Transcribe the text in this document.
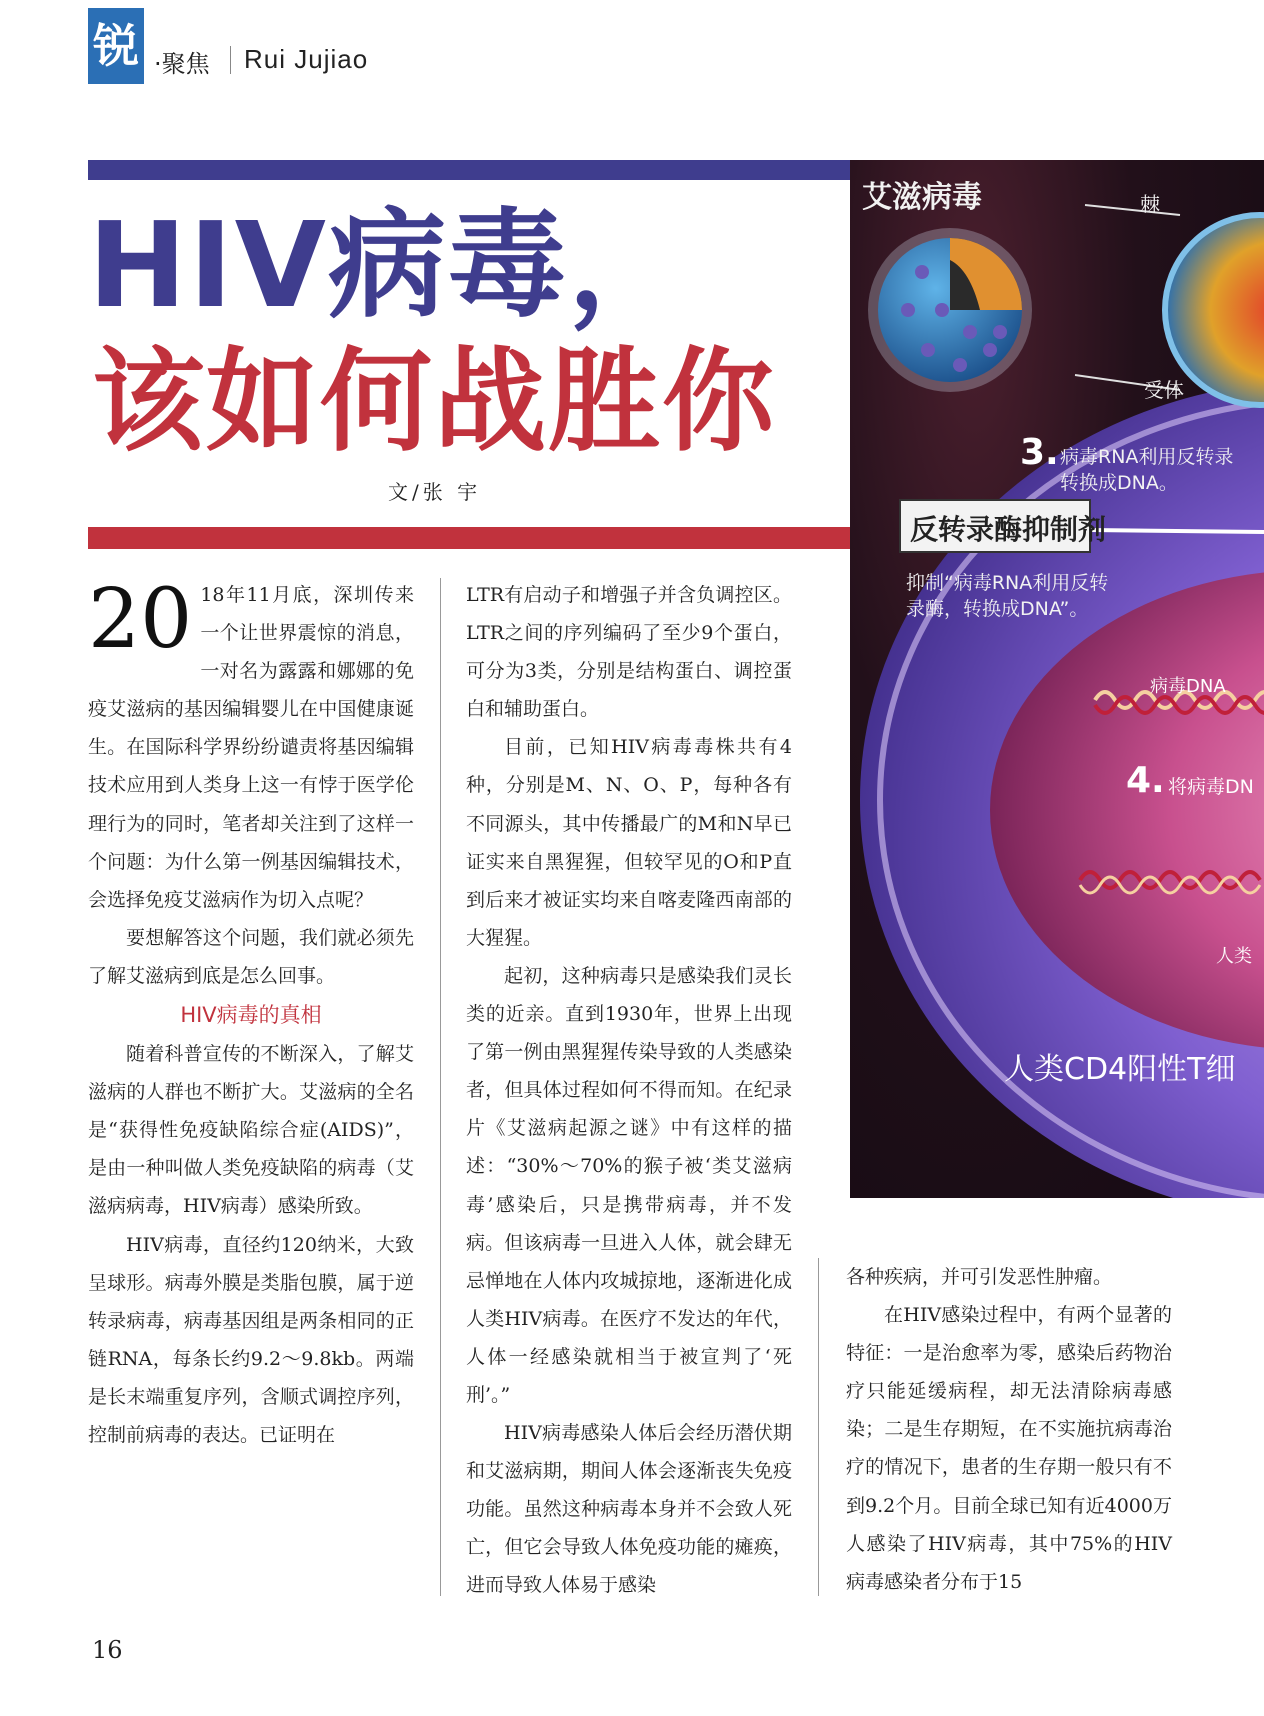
锐 ·聚焦 Rui Jujiao
HIV病毒，
该如何战胜你
文/张 宇
艾滋病毒	棘
受体
3. 病毒RNA利用反转录
转换成DNA。
反转录酶抑制剂
抑制“病毒RNA利用反转
录酶，转换成DNA”。
病毒DNA
4. 将病毒DN
人类
人类CD4阳性T细

20 18年11月底，深圳传来一个让世界震惊的消息，一对名为露露和娜娜的免疫艾滋病的基因编辑婴儿在中国健康诞生。在国际科学界纷纷谴责将基因编辑技术应用到人类身上这一有悖于医学伦理行为的同时，笔者却关注到了这样一个问题：为什么第一例基因编辑技术，会选择免疫艾滋病作为切入点呢？

要想解答这个问题，我们就必须先了解艾滋病到底是怎么回事。

HIV病毒的真相

随着科普宣传的不断深入，了解艾滋病的人群也不断扩大。艾滋病的全名是“获得性免疫缺陷综合症(AIDS)”，是由一种叫做人类免疫缺陷的病毒（艾滋病病毒，HIV病毒）感染所致。

HIV病毒，直径约120纳米，大致呈球形。病毒外膜是类脂包膜，属于逆转录病毒，病毒基因组是两条相同的正链RNA，每条长约9.2～9.8kb。两端是长末端重复序列，含顺式调控序列，控制前病毒的表达。已证明在

LTR有启动子和增强子并含负调控区。LTR之间的序列编码了至少9个蛋白，可分为3类，分别是结构蛋白、调控蛋白和辅助蛋白。

目前，已知HIV病毒毒株共有4种，分别是M、N、O、P，每种各有不同源头，其中传播最广的M和N早已证实来自黑猩猩，但较罕见的O和P直到后来才被证实均来自喀麦隆西南部的大猩猩。

起初，这种病毒只是感染我们灵长类的近亲。直到1930年，世界上出现了第一例由黑猩猩传染导致的人类感染者，但具体过程如何不得而知。在纪录片《艾滋病起源之谜》中有这样的描述：“30%～70%的猴子被‘类艾滋病毒’感染后，只是携带病毒，并不发病。但该病毒一旦进入人体，就会肆无忌惮地在人体内攻城掠地，逐渐进化成人类HIV病毒。在医疗不发达的年代，人体一经感染就相当于被宣判了‘死刑’。”

HIV病毒感染人体后会经历潜伏期和艾滋病期，期间人体会逐渐丧失免疫功能。虽然这种病毒本身并不会致人死亡，但它会导致人体免疫功能的瘫痪，进而导致人体易于感染

各种疾病，并可引发恶性肿瘤。

在HIV感染过程中，有两个显著的特征：一是治愈率为零，感染后药物治疗只能延缓病程，却无法清除病毒感染；二是生存期短，在不实施抗病毒治疗的情况下，患者的生存期一般只有不到9.2个月。目前全球已知有近4000万人感染了HIV病毒，其中75%的HIV病毒感染者分布于15

16
